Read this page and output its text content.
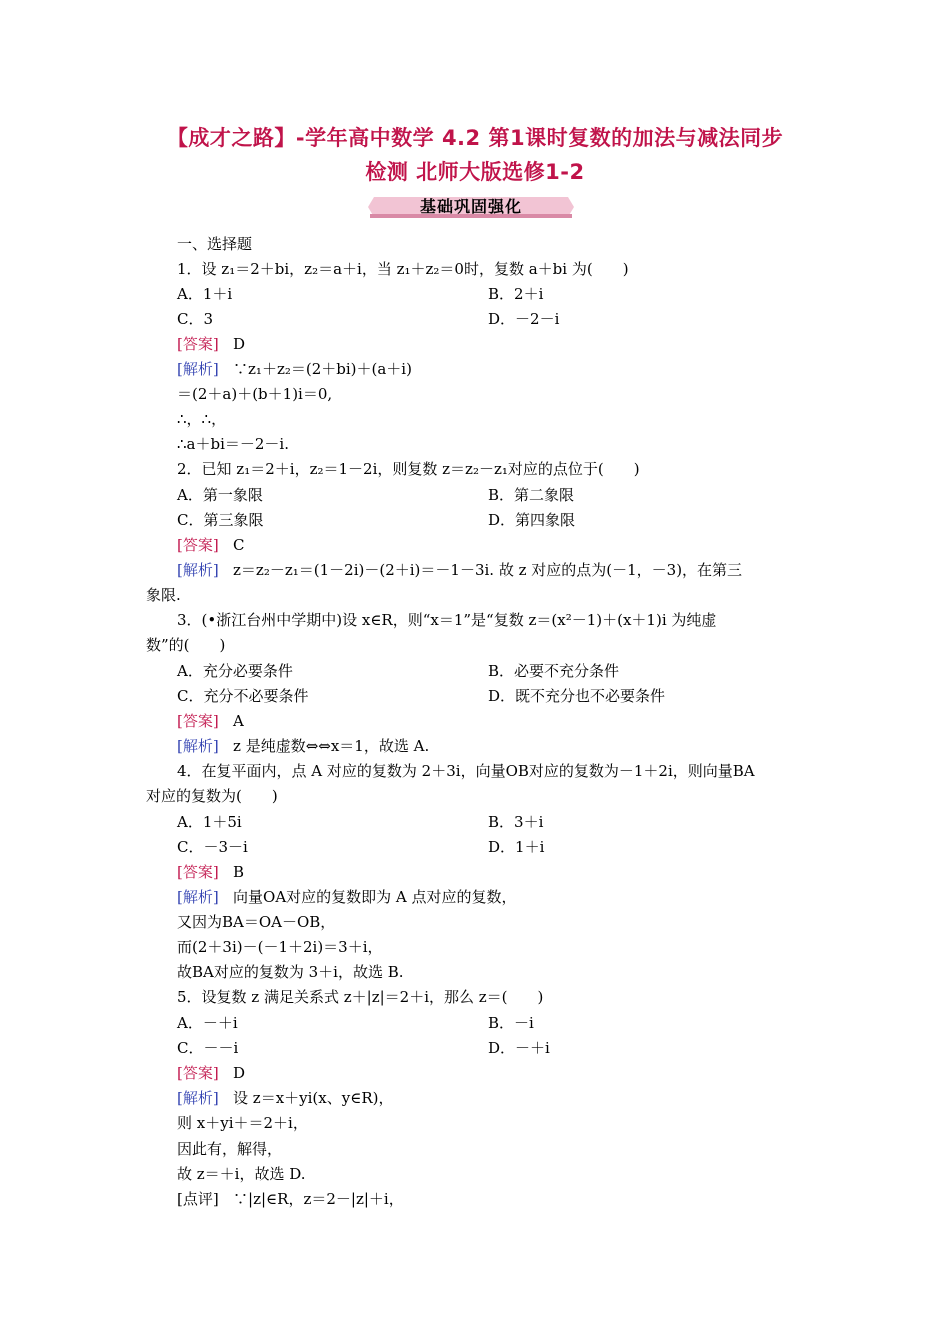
【成才之路】-学年高中数学 4.2 第1课时复数的加法与减法同步
检测 北师大版选修1-2
基础巩固强化
一、选择题
1．设 z₁＝2＋bi，z₂＝a＋i，当 z₁＋z₂＝0时，复数 a＋bi 为(　　)
A．1＋i	B．2＋i
C．3	D．－2－i
[答案] D
[解析] ∵z₁＋z₂＝(2＋bi)＋(a＋i)
＝(2＋a)＋(b＋1)i＝0,
∴，∴，
∴a＋bi＝－2－i.
2．已知 z₁＝2＋i，z₂＝1－2i，则复数 z＝z₂－z₁对应的点位于(　　)
A．第一象限	B．第二象限
C．第三象限	D．第四象限
[答案] C
[解析] z＝z₂－z₁＝(1－2i)－(2＋i)＝－1－3i. 故 z 对应的点为(－1，－3)，在第三
象限.
3．(•浙江台州中学期中)设 x∈R，则“x＝1”是“复数 z＝(x²－1)＋(x＋1)i 为纯虚
数”的(　　)
A．充分必要条件	B．必要不充分条件
C．充分不必要条件	D．既不充分也不必要条件
[答案] A
[解析] z 是纯虚数⇔⇔x＝1，故选 A.
4．在复平面内，点 A 对应的复数为 2＋3i，向量OB对应的复数为－1＋2i，则向量BA
对应的复数为(　　)
A．1＋5i	B．3＋i
C．－3－i	D．1＋i
[答案] B
[解析] 向量OA对应的复数即为 A 点对应的复数，
又因为BA＝OA－OB，
而(2＋3i)－(－1＋2i)＝3＋i，
故BA对应的复数为 3＋i，故选 B.
5．设复数 z 满足关系式 z＋|z|＝2＋i，那么 z＝(　　)
A．－＋i	B．－i
C．－－i	D．－＋i
[答案] D
[解析] 设 z＝x＋yi(x、y∈R)，
则 x＋yi＋＝2＋i，
因此有，解得，
故 z＝＋i，故选 D.
[点评] ∵|z|∈R，z＝2－|z|＋i，
